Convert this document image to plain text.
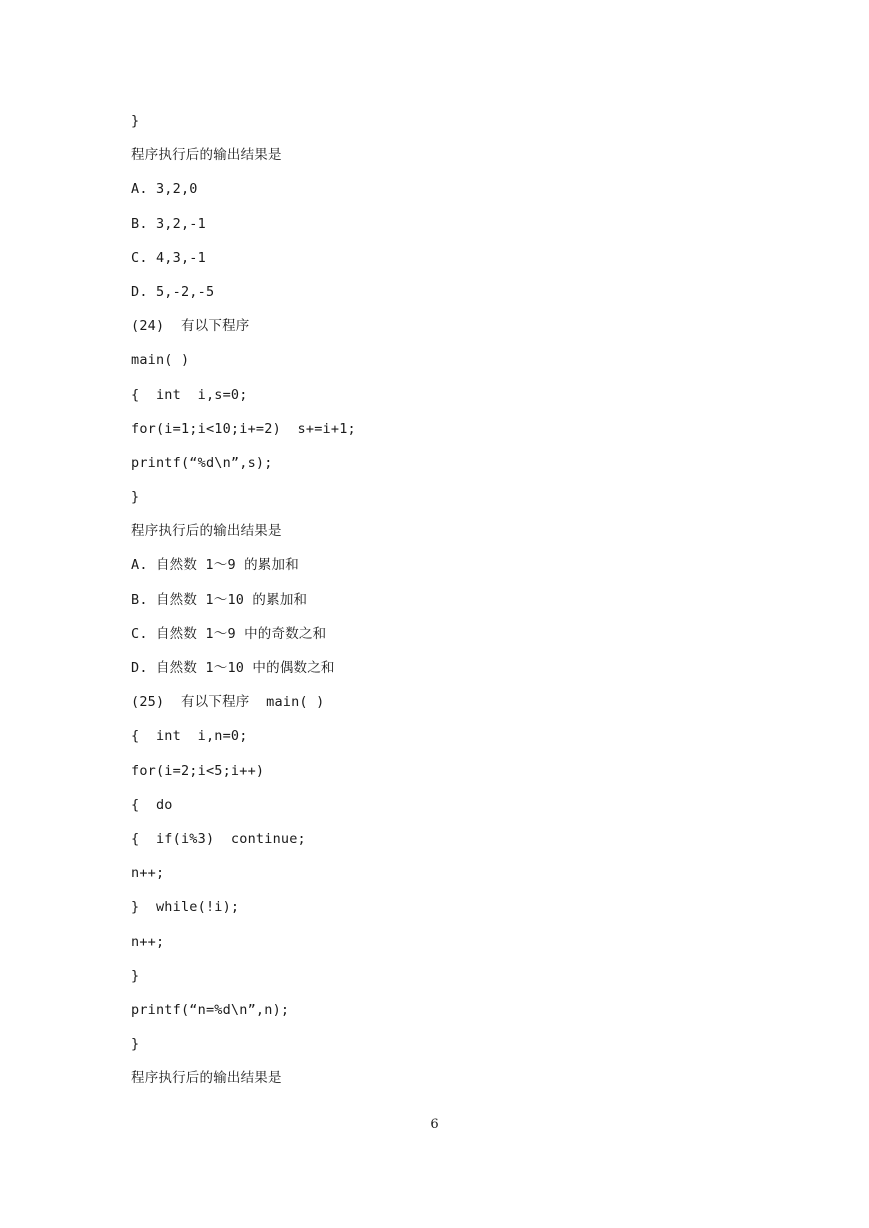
}
程序执行后的输出结果是
A. 3,2,0
B. 3,2,-1
C. 4,3,-1
D. 5,-2,-5
(24)  有以下程序
main( )
{  int  i,s=0;
for(i=1;i<10;i+=2)  s+=i+1;
printf(“%d\n”,s);
}
程序执行后的输出结果是
A. 自然数 1～9 的累加和
B. 自然数 1～10 的累加和
C. 自然数 1～9 中的奇数之和
D. 自然数 1～10 中的偶数之和
(25)  有以下程序  main( )
{  int  i,n=0;
for(i=2;i<5;i++)
{  do
{  if(i%3)  continue;
n++;
}  while(!i);
n++;
}
printf(“n=%d\n”,n);
}
程序执行后的输出结果是
6
